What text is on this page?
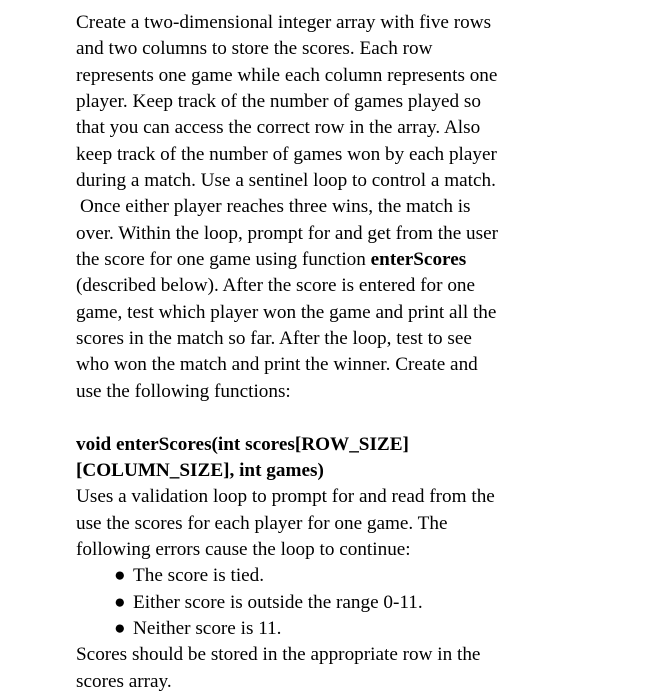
Create a two-dimensional integer array with five rows
and two columns to store the scores. Each row
represents one game while each column represents one
player. Keep track of the number of games played so
that you can access the correct row in the array. Also
keep track of the number of games won by each player
during a match. Use a sentinel loop to control a match.
Once either player reaches three wins, the match is
over. Within the loop, prompt for and get from the user
the score for one game using function enterScores
(described below). After the score is entered for one
game, test which player won the game and print all the
scores in the match so far. After the loop, test to see
who won the match and print the winner. Create and
use the following functions:
void enterScores(int scores[ROW_SIZE]
[COLUMN_SIZE], int games)
Uses a validation loop to prompt for and read from the
use the scores for each player for one game. The
following errors cause the loop to continue:
● The score is tied.
● Either score is outside the range 0-11.
● Neither score is 11.
Scores should be stored in the appropriate row in the
scores array.
